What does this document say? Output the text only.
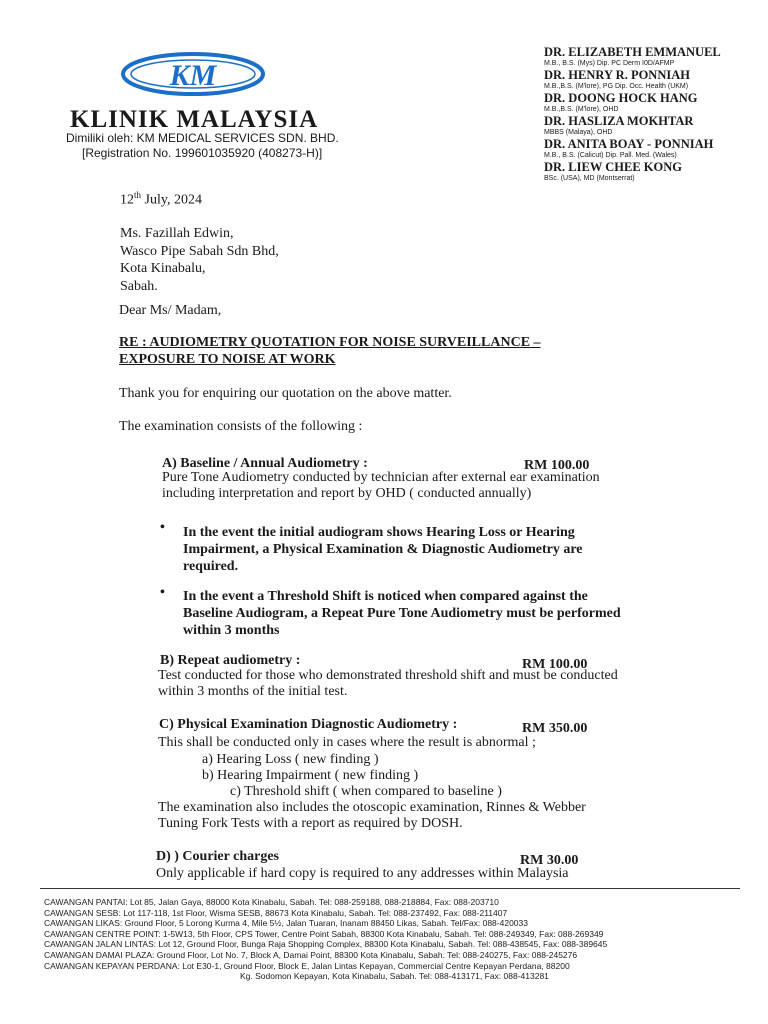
KM
KLINIK MALAYSIA
Dimiliki oleh: KM MEDICAL SERVICES SDN. BHD.
[Registration No. 199601035920 (408273-H)]
DR. ELIZABETH EMMANUEL
M.B., B.S. (Mys) Dip. PC Derm I0D/AFMP
DR. HENRY R. PONNIAH
M.B.,B.S. (M'lore), PG Dip. Occ. Health (UKM)
DR. DOONG HOCK HANG
M.B.,B.S. (M'lore), OHD
DR. HASLIZA MOKHTAR
MBBS (Malaya), OHD
DR. ANITA BOAY - PONNIAH
M.B., B.S. (Calicut) Dip. Pall. Med. (Wales)
DR. LIEW CHEE KONG
BSc. (USA), MD (Montserrat)
12th July, 2024
Ms. Fazillah Edwin,
Wasco Pipe Sabah Sdn Bhd,
Kota Kinabalu,
Sabah.
Dear Ms/ Madam,
RE : AUDIOMETRY QUOTATION FOR NOISE SURVEILLANCE –
EXPOSURE TO NOISE AT WORK
Thank you for enquiring our quotation on the above matter.
The examination consists of the following :
A) Baseline / Annual Audiometry :	RM 100.00
Pure Tone Audiometry conducted by technician after external ear examination
including interpretation and report by OHD ( conducted annually)
• In the event the initial audiogram shows Hearing Loss or Hearing
Impairment, a Physical Examination & Diagnostic Audiometry are
required.
• In the event a Threshold Shift is noticed when compared against the
Baseline Audiogram, a Repeat Pure Tone Audiometry must be performed
within 3 months
B) Repeat audiometry :	RM 100.00
Test conducted for those who demonstrated threshold shift and must be conducted
within 3 months of the initial test.
C) Physical Examination Diagnostic Audiometry :	RM 350.00
This shall be conducted only in cases where the result is abnormal ;
a) Hearing Loss ( new finding )
b) Hearing Impairment ( new finding )
c) Threshold shift ( when compared to baseline )
The examination also includes the otoscopic examination, Rinnes & Webber
Tuning Fork Tests with a report as required by DOSH.
D) ) Courier charges	RM 30.00
Only applicable if hard copy is required to any addresses within Malaysia
CAWANGAN PANTAI: Lot 85, Jalan Gaya, 88000 Kota Kinabalu, Sabah. Tel: 088-259188, 088-218884, Fax: 088-203710
CAWANGAN SESB: Lot 117-118, 1st Floor, Wisma SESB, 88673 Kota Kinabalu, Sabah. Tel: 088-237492, Fax: 088-211407
CAWANGAN LIKAS: Ground Floor, 5 Lorong Kurma 4, Mile 5½, Jalan Tuaran, Inanam 88450 Likas, Sabah. Tel/Fax: 088-420033
CAWANGAN CENTRE POINT: 1-5W13, 5th Floor, CPS Tower, Centre Point Sabah, 88300 Kota Kinabalu, Sabah. Tel: 088-249349, Fax: 088-269349
CAWANGAN JALAN LINTAS: Lot 12, Ground Floor, Bunga Raja Shopping Complex, 88300 Kota Kinabalu, Sabah. Tel: 088-438545, Fax: 088-389645
CAWANGAN DAMAI PLAZA: Ground Floor, Lot No. 7, Block A, Damai Point, 88300 Kota Kinabalu, Sabah. Tel: 088-240275, Fax: 088-245276
CAWANGAN KEPAYAN PERDANA: Lot E30-1, Ground Floor, Block E, Jalan Lintas Kepayan, Commercial Centre Kepayan Perdana, 88200
Kg. Sodomon Kepayan, Kota Kinabalu, Sabah. Tel: 088-413171, Fax: 088-413281
